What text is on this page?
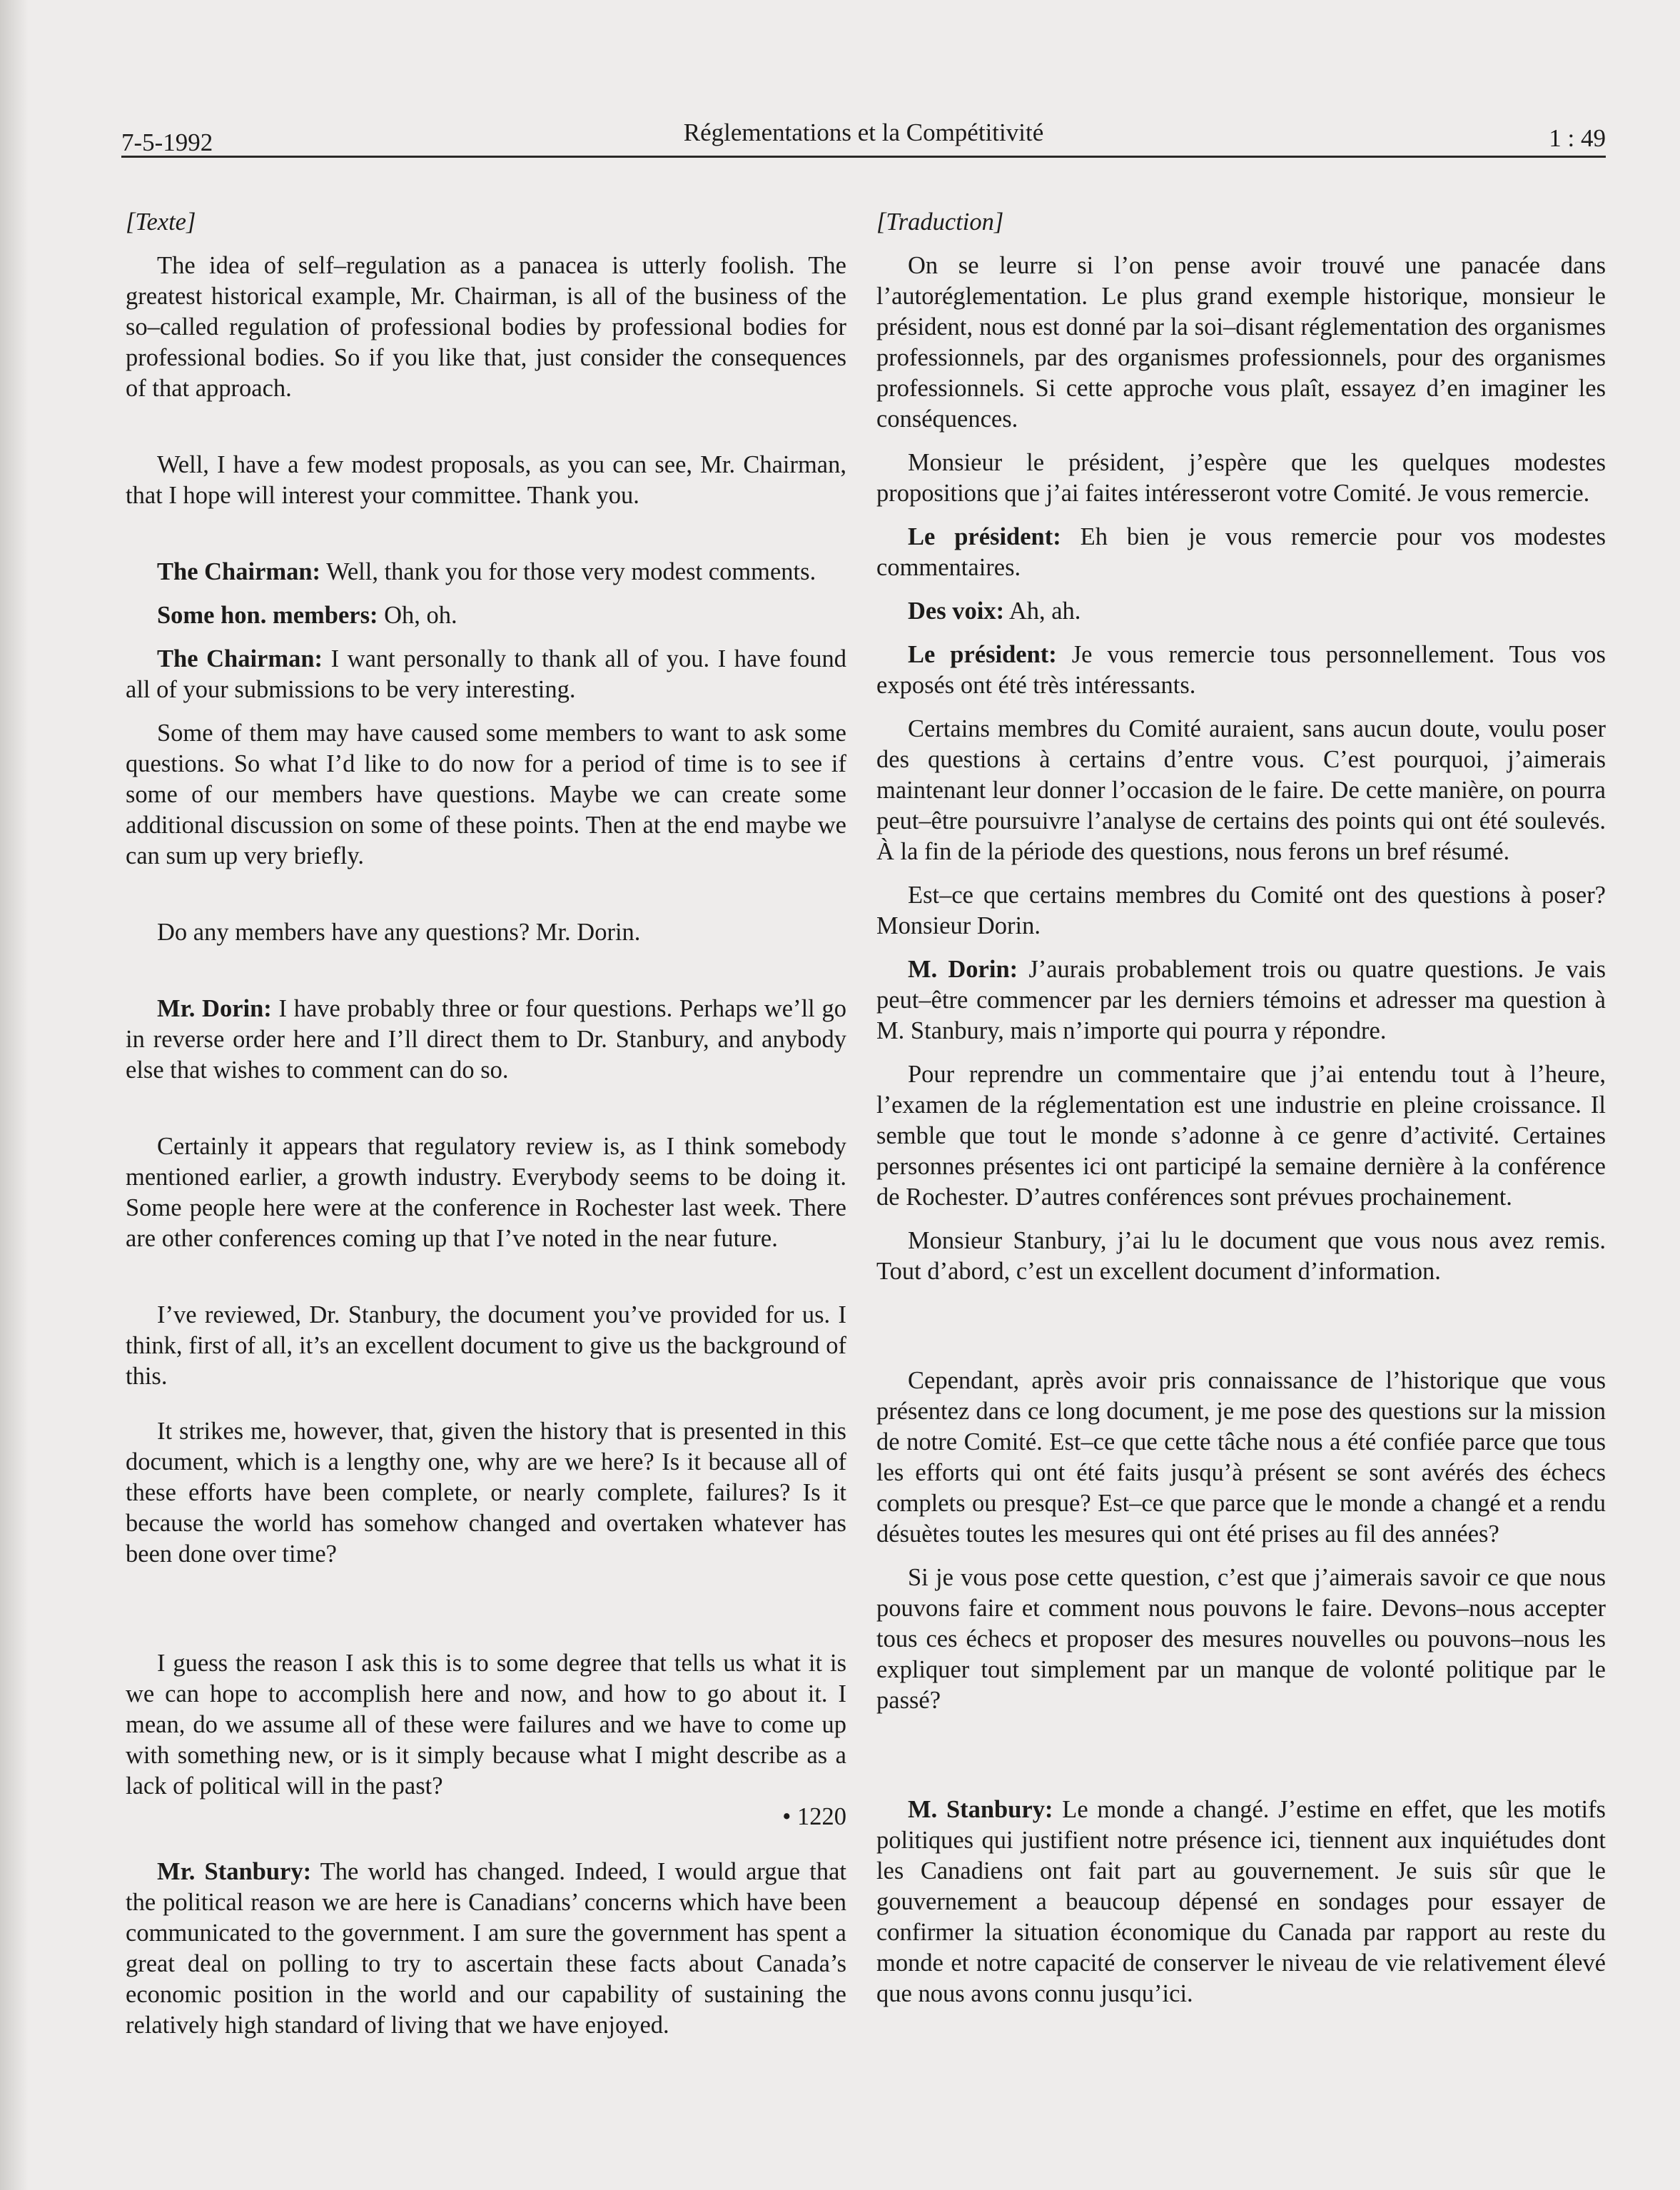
7-5-1992	Réglementations et la Compétitivité	1 : 49

[Texte]

The idea of self–regulation as a panacea is utterly foolish. The greatest historical example, Mr. Chairman, is all of the business of the so–called regulation of professional bodies by professional bodies for professional bodies. So if you like that, just consider the consequences of that approach.

Well, I have a few modest proposals, as you can see, Mr. Chairman, that I hope will interest your committee. Thank you.

The Chairman: Well, thank you for those very modest comments.

Some hon. members: Oh, oh.

The Chairman: I want personally to thank all of you. I have found all of your submissions to be very interesting.

Some of them may have caused some members to want to ask some questions. So what I’d like to do now for a period of time is to see if some of our members have questions. Maybe we can create some additional discussion on some of these points. Then at the end maybe we can sum up very briefly.

Do any members have any questions? Mr. Dorin.

Mr. Dorin: I have probably three or four questions. Perhaps we’ll go in reverse order here and I’ll direct them to Dr. Stanbury, and anybody else that wishes to comment can do so.

Certainly it appears that regulatory review is, as I think somebody mentioned earlier, a growth industry. Everybody seems to be doing it. Some people here were at the conference in Rochester last week. There are other conferences coming up that I’ve noted in the near future.

I’ve reviewed, Dr. Stanbury, the document you’ve provided for us. I think, first of all, it’s an excellent document to give us the background of this.

It strikes me, however, that, given the history that is presented in this document, which is a lengthy one, why are we here? Is it because all of these efforts have been complete, or nearly complete, failures? Is it because the world has somehow changed and overtaken whatever has been done over time?

I guess the reason I ask this is to some degree that tells us what it is we can hope to accomplish here and now, and how to go about it. I mean, do we assume all of these were failures and we have to come up with something new, or is it simply because what I might describe as a lack of political will in the past?

• 1220

Mr. Stanbury: The world has changed. Indeed, I would argue that the political reason we are here is Canadians’ concerns which have been communicated to the government. I am sure the government has spent a great deal on polling to try to ascertain these facts about Canada’s economic position in the world and our capability of sustaining the relatively high standard of living that we have enjoyed.

[Traduction]

On se leurre si l’on pense avoir trouvé une panacée dans l’autoréglementation. Le plus grand exemple historique, monsieur le président, nous est donné par la soi–disant réglementation des organismes professionnels, par des organismes professionnels, pour des organismes professionnels. Si cette approche vous plaît, essayez d’en imaginer les conséquences.

Monsieur le président, j’espère que les quelques modestes propositions que j’ai faites intéresseront votre Comité. Je vous remercie.

Le président: Eh bien je vous remercie pour vos modestes commentaires.

Des voix: Ah, ah.

Le président: Je vous remercie tous personnellement. Tous vos exposés ont été très intéressants.

Certains membres du Comité auraient, sans aucun doute, voulu poser des questions à certains d’entre vous. C’est pourquoi, j’aimerais maintenant leur donner l’occasion de le faire. De cette manière, on pourra peut–être poursuivre l’analyse de certains des points qui ont été soulevés. À la fin de la période des questions, nous ferons un bref résumé.

Est–ce que certains membres du Comité ont des questions à poser? Monsieur Dorin.

M. Dorin: J’aurais probablement trois ou quatre questions. Je vais peut–être commencer par les derniers témoins et adresser ma question à M. Stanbury, mais n’importe qui pourra y répondre.

Pour reprendre un commentaire que j’ai entendu tout à l’heure, l’examen de la réglementation est une industrie en pleine croissance. Il semble que tout le monde s’adonne à ce genre d’activité. Certaines personnes présentes ici ont participé la semaine dernière à la conférence de Rochester. D’autres conférences sont prévues prochainement.

Monsieur Stanbury, j’ai lu le document que vous nous avez remis. Tout d’abord, c’est un excellent document d’information.

Cependant, après avoir pris connaissance de l’historique que vous présentez dans ce long document, je me pose des questions sur la mission de notre Comité. Est–ce que cette tâche nous a été confiée parce que tous les efforts qui ont été faits jusqu’à présent se sont avérés des échecs complets ou presque? Est–ce que parce que le monde a changé et a rendu désuètes toutes les mesures qui ont été prises au fil des années?

Si je vous pose cette question, c’est que j’aimerais savoir ce que nous pouvons faire et comment nous pouvons le faire. Devons–nous accepter tous ces échecs et proposer des mesures nouvelles ou pouvons–nous les expliquer tout simplement par un manque de volonté politique par le passé?

M. Stanbury: Le monde a changé. J’estime en effet, que les motifs politiques qui justifient notre présence ici, tiennent aux inquiétudes dont les Canadiens ont fait part au gouvernement. Je suis sûr que le gouvernement a beaucoup dépensé en sondages pour essayer de confirmer la situation économique du Canada par rapport au reste du monde et notre capacité de conserver le niveau de vie relativement élevé que nous avons connu jusqu’ici.
